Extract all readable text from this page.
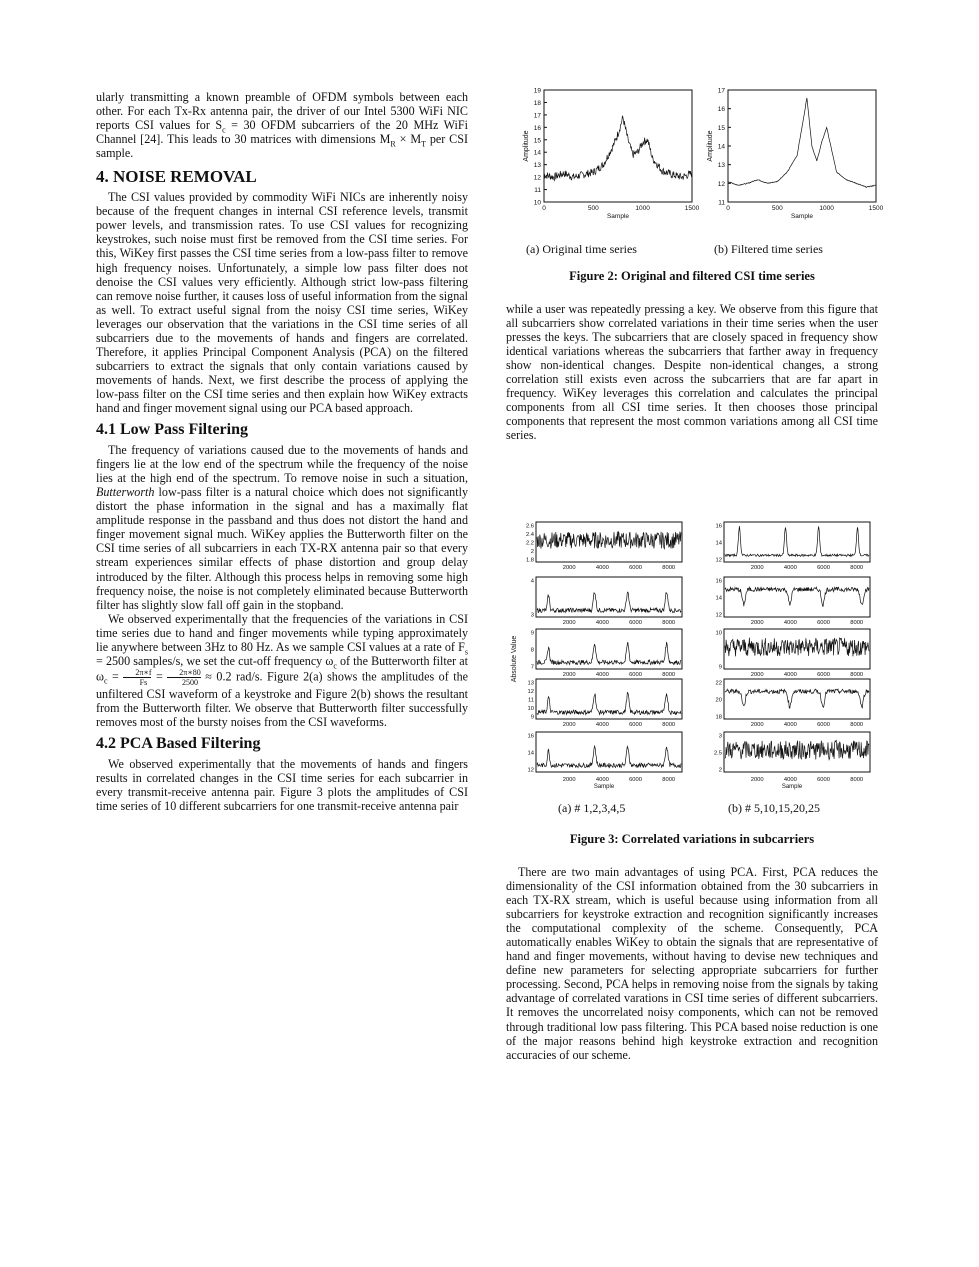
ularly transmitting a known preamble of OFDM symbols between each other. For each Tx-Rx antenna pair, the driver of our Intel 5300 WiFi NIC reports CSI values for $S_c = 30$ OFDM subcarriers of the 20 MHz WiFi Channel [24]. This leads to 30 matrices with dimensions $M_R \times M_T$ per CSI sample.

4. NOISE REMOVAL

The CSI values provided by commodity WiFi NICs are inherently noisy because of the frequent changes in internal CSI reference levels, transmit power levels, and transmission rates. To use CSI values for recognizing keystrokes, such noise must first be removed from the CSI time series. For this, WiKey first passes the CSI time series from a low-pass filter to remove high frequency noises. Unfortunately, a simple low pass filter does not denoise the CSI values very efficiently. Although strict low-pass filtering can remove noise further, it causes loss of useful information from the signal as well. To extract useful signal from the noisy CSI time series, WiKey leverages our observation that the variations in the CSI time series of all subcarriers due to the movements of hands and fingers are correlated. Therefore, it applies Principal Component Analysis (PCA) on the filtered subcarriers to extract the signals that only contain variations caused by movements of hands. Next, we first describe the process of applying the low-pass filter on the CSI time series and then explain how WiKey extracts hand and finger movement signal using our PCA based approach.

4.1 Low Pass Filtering

The frequency of variations caused due to the movements of hands and fingers lie at the low end of the spectrum while the frequency of the noise lies at the high end of the spectrum. To remove noise in such a situation, Butterworth low-pass filter is a natural choice which does not significantly distort the phase information in the signal and has a maximally flat amplitude response in the passband and thus does not distort the hand and finger movement signal much. WiKey applies the Butterworth filter on the CSI time series of all subcarriers in each TX-RX antenna pair so that every stream experiences similar effects of phase distortion and group delay introduced by the filter. Although this process helps in removing some high frequency noise, the noise is not completely eliminated because Butterworth filter has slightly slow fall off gain in the stopband.

We observed experimentally that the frequencies of the variations in CSI time series due to hand and finger movements while typing approximately lie anywhere between 3Hz to 80 Hz. As we sample CSI values at a rate of $F_s = 2500$ samples/s, we set the cut-off frequency $\omega_c$ of the Butterworth filter at $\omega_c = \frac{2\pi∗f}{Fs} = \frac{2\pi∗80}{2500} \approx 0.2$ rad/s. Figure 2(a) shows the amplitudes of the unfiltered CSI waveform of a keystroke and Figure 2(b) shows the resultant from the Butterworth filter. We observe that Butterworth filter successfully removes most of the bursty noises from the CSI waveforms.

4.2 PCA Based Filtering

We observed experimentally that the movements of hands and fingers results in correlated changes in the CSI time series for each subcarrier in every transmit-receive antenna pair. Figure 3 plots the amplitudes of CSI time series of 10 different subcarriers for one transmit-receive antenna pair

10
11
12
13
14
15
16
17
18
19
0	500	1000	1500
Sample
Amplitude
11
12
13
14
15
16
17
0	500	1000	1500
Sample
Amplitude
(a) Original time series	(b) Filtered time series
Figure 2: Original and filtered CSI time series

while a user was repeatedly pressing a key. We observe from this figure that all subcarriers show correlated variations in their time series when the user presses the keys. The subcarriers that are closely spaced in frequency show identical variations whereas the subcarriers that farther away in frequency show non-identical changes. Despite non-identical changes, a strong correlation still exists even across the subcarriers that are far apart in frequency. WiKey leverages this correlation and calculates the principal components from all CSI time series. It then chooses those principal components that represent the most common variations among all CSI time series.

2.6
2.4
2.2
2
1.8
2000	4000	6000	8000
4
3
2000	4000	6000	8000
9
8
7
2000	4000	6000	8000
13
12
11
10
9
2000	4000	6000	8000
16
14
12
2000	4000	6000	8000
Sample
16
14
12
2000	4000	6000	8000
16
14
12
2000	4000	6000	8000
10
9
2000	4000	6000	8000
22
20
18
2000	4000	6000	8000
3
2.5
2
2000	4000	6000	8000
Sample
Absolute Value
(a) # 1,2,3,4,5	(b) # 5,10,15,20,25
Figure 3: Correlated variations in subcarriers

There are two main advantages of using PCA. First, PCA reduces the dimensionality of the CSI information obtained from the 30 subcarriers in each TX-RX stream, which is useful because using information from all subcarriers for keystroke extraction and recognition significantly increases the computational complexity of the scheme. Consequently, PCA automatically enables WiKey to obtain the signals that are representative of hand and finger movements, without having to devise new techniques and define new parameters for selecting appropriate subcarriers for further processing. Second, PCA helps in removing noise from the signals by taking advantage of correlated varations in CSI time series of different subcarriers. It removes the uncorrelated noisy components, which can not be removed through traditional low pass filtering. This PCA based noise reduction is one of the major reasons behind high keystroke extraction and recognition accuracies of our scheme.
